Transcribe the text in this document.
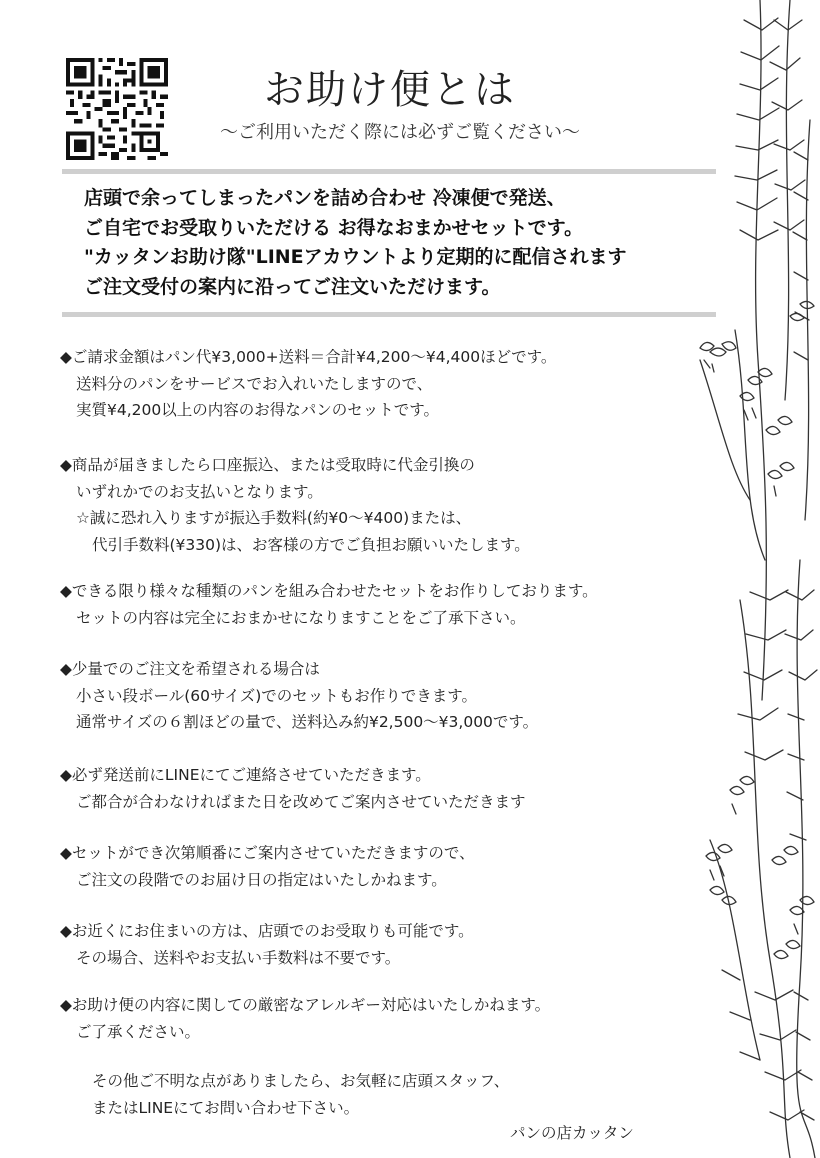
お助け便とは
〜ご利用いただく際には必ずご覧ください〜
店頭で余ってしまったパンを詰め合わせ 冷凍便で発送、
ご自宅でお受取りいただける お得なおまかせセットです。
"カッタンお助け隊"LINEアカウントより定期的に配信されます
ご注文受付の案内に沿ってご注文いただけます。
◆ご請求金額はパン代¥3,000+送料＝合計¥4,200〜¥4,400ほどです。
送料分のパンをサービスでお入れいたしますので、
実質¥4,200以上の内容のお得なパンのセットです。
◆商品が届きましたら口座振込、または受取時に代金引換の
いずれかでのお支払いとなります。
☆誠に恐れ入りますが振込手数料(約¥0〜¥400)または、
代引手数料(¥330)は、お客様の方でご負担お願いいたします。
◆できる限り様々な種類のパンを組み合わせたセットをお作りしております。
セットの内容は完全におまかせになりますことをご了承下さい。
◆少量でのご注文を希望される場合は
小さい段ボール(60サイズ)でのセットもお作りできます。
通常サイズの６割ほどの量で、送料込み約¥2,500〜¥3,000です。
◆必ず発送前にLINEにてご連絡させていただきます。
ご都合が合わなければまた日を改めてご案内させていただきます
◆セットができ次第順番にご案内させていただきますので、
ご注文の段階でのお届け日の指定はいたしかねます。
◆お近くにお住まいの方は、店頭でのお受取りも可能です。
その場合、送料やお支払い手数料は不要です。
◆お助け便の内容に関しての厳密なアレルギー対応はいたしかねます。
ご了承ください。
その他ご不明な点がありましたら、お気軽に店頭スタッフ、
またはLINEにてお問い合わせ下さい。
パンの店カッタン
